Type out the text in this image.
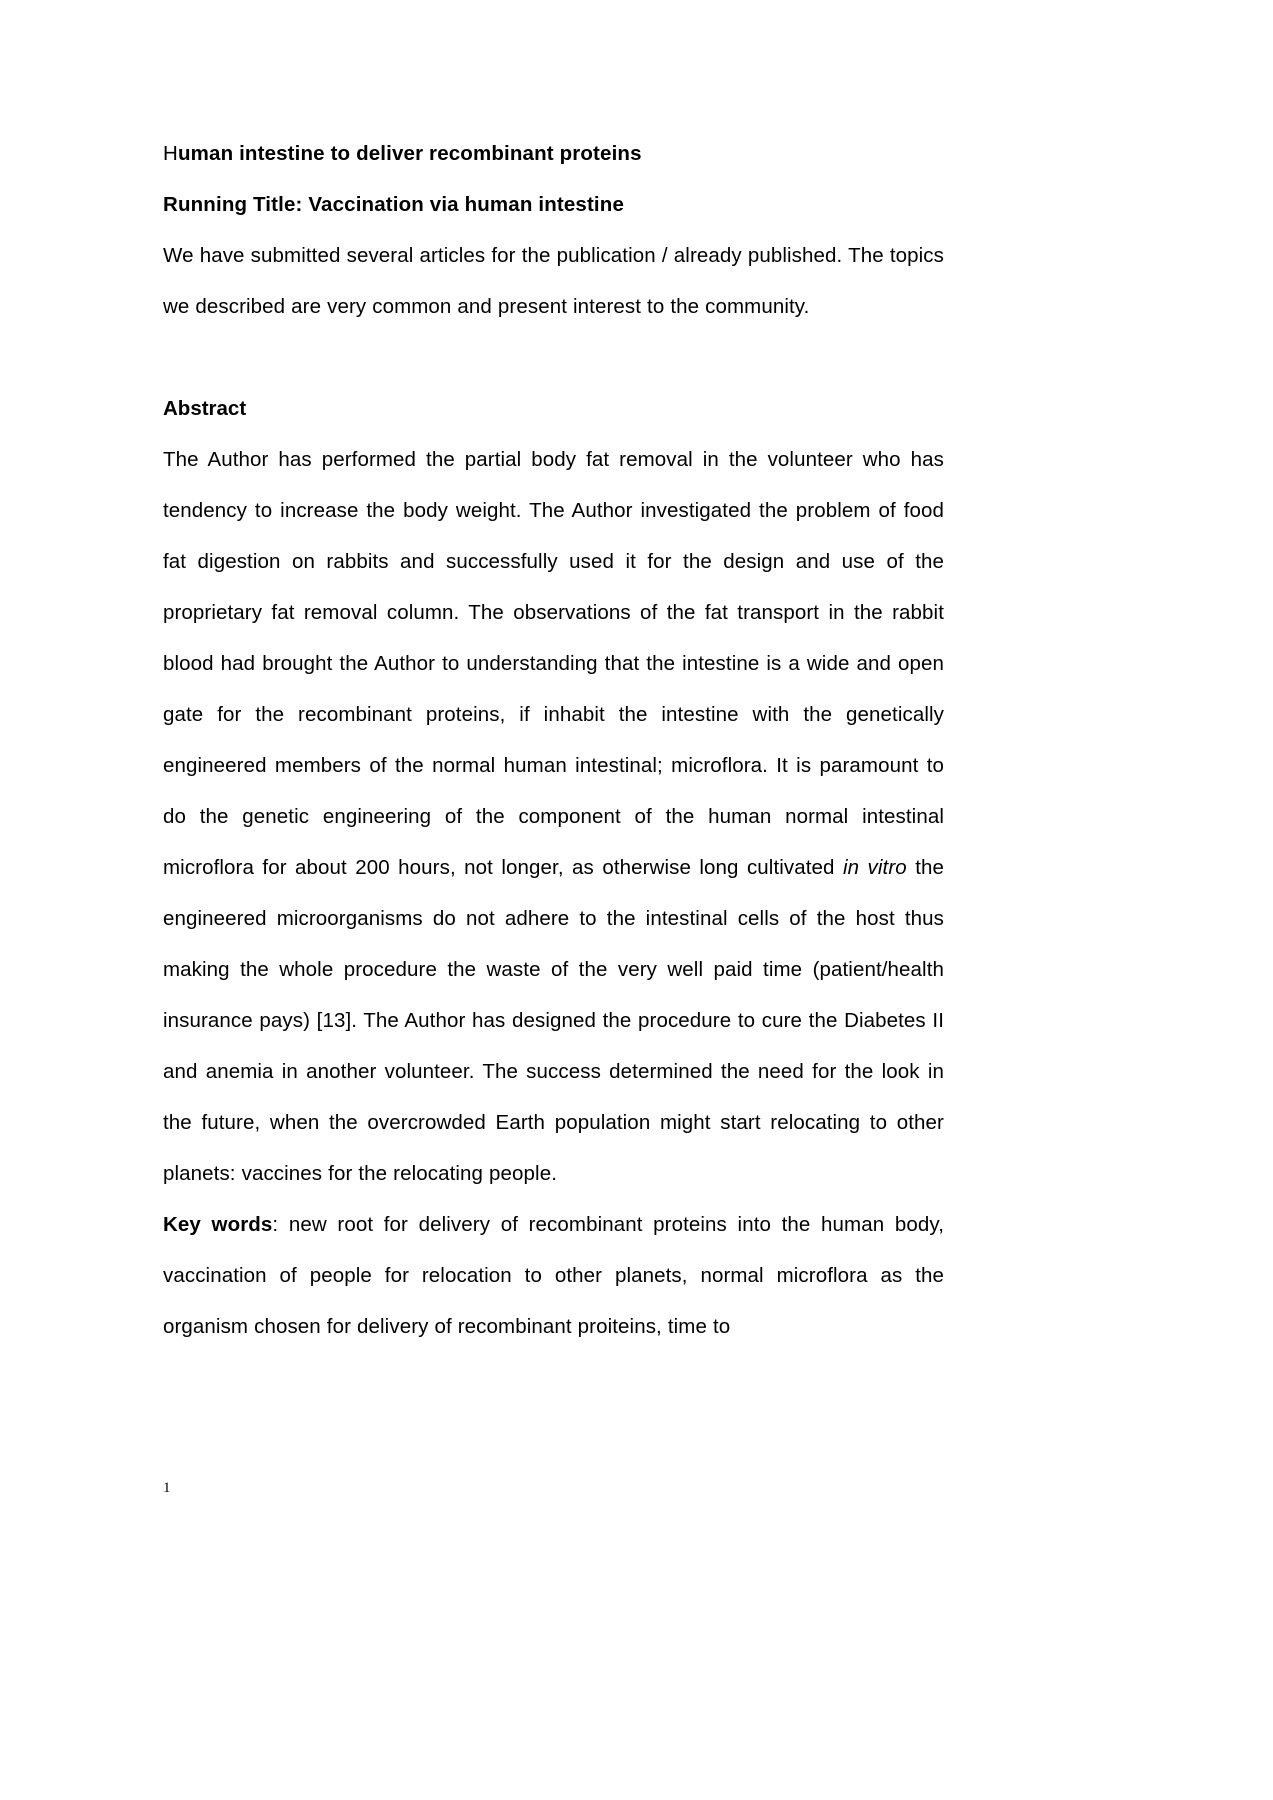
Human intestine to deliver recombinant proteins

Running Title: Vaccination via human intestine

We have submitted several articles for the publication / already published. The topics we described are very common and present interest to the community.

Abstract

The Author has performed the partial body fat removal in the volunteer who has tendency to increase the body weight. The Author investigated the problem of food fat digestion on rabbits and successfully used it for the design and use of the proprietary fat removal column. The observations of the fat transport in the rabbit blood had brought the Author to understanding that the intestine is a wide and open gate for the recombinant proteins, if inhabit the intestine with the genetically engineered members of the normal human intestinal; microflora. It is paramount to do the genetic engineering of the component of the human normal intestinal microflora for about 200 hours, not longer, as otherwise long cultivated in vitro the engineered microorganisms do not adhere to the intestinal cells of the host thus making the whole procedure the waste of the very well paid time (patient/health insurance pays) [13]. The Author has designed the procedure to cure the Diabetes II and anemia in another volunteer. The success determined the need for the look in the future, when the overcrowded Earth population might start relocating to other planets: vaccines for the relocating people.

Key words: new root for delivery of recombinant proteins into the human body, vaccination of people for relocation to other planets, normal microflora as the organism chosen for delivery of recombinant proiteins, time to

1
